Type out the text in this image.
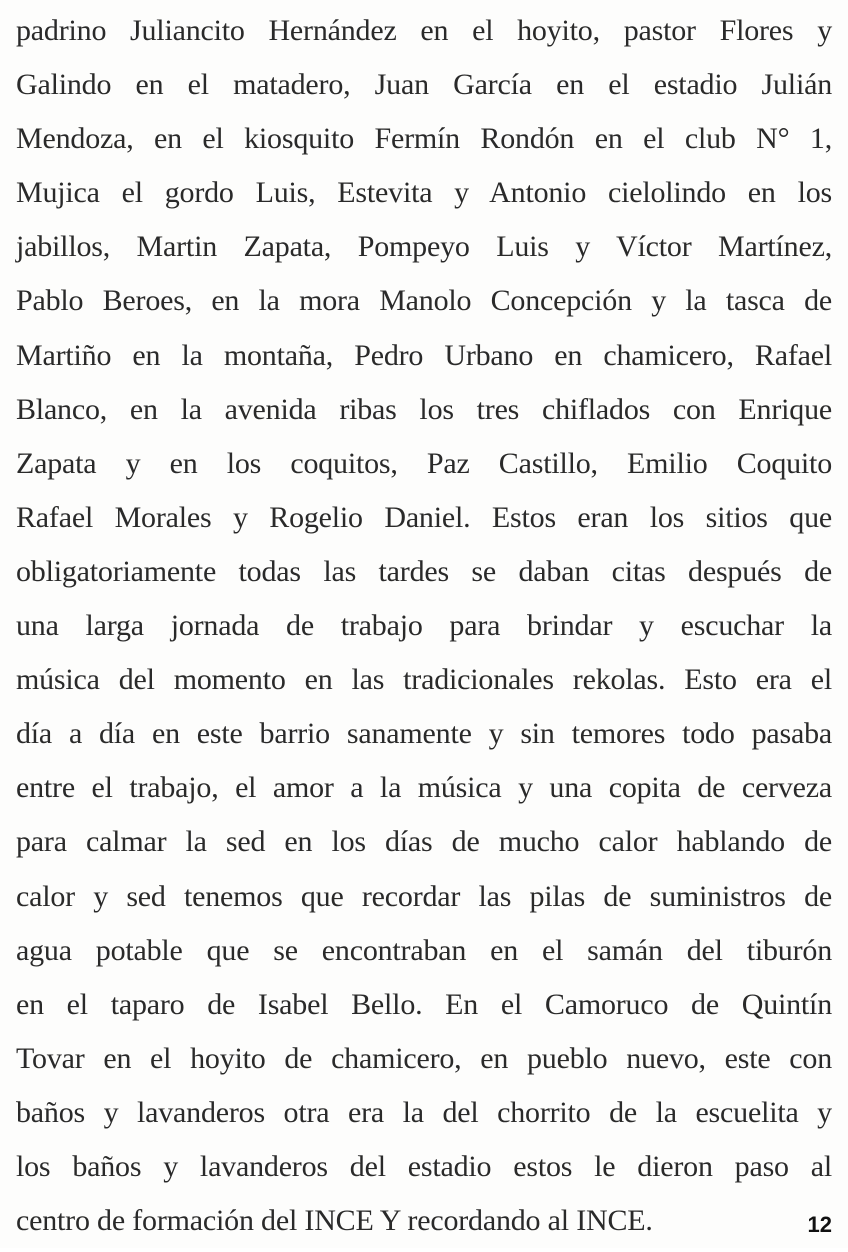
padrino Juliancito Hernández en el hoyito, pastor Flores y
Galindo en el matadero, Juan García en el estadio Julián
Mendoza, en el kiosquito Fermín Rondón en el club N° 1,
Mujica el gordo Luis, Estevita y Antonio cielolindo en los
jabillos, Martin Zapata, Pompeyo Luis y Víctor Martínez,
Pablo Beroes, en la mora Manolo Concepción y la tasca de
Martiño en la montaña, Pedro Urbano en chamicero, Rafael
Blanco, en la avenida ribas los tres chiflados con Enrique
Zapata y en los coquitos, Paz Castillo, Emilio Coquito
Rafael Morales y Rogelio Daniel. Estos eran los sitios que
obligatoriamente todas las tardes se daban citas después de
una larga jornada de trabajo para brindar y escuchar la
música del momento en las tradicionales rekolas. Esto era el
día a día en este barrio sanamente y sin temores todo pasaba
entre el trabajo, el amor a la música y una copita de cerveza
para calmar la sed en los días de mucho calor hablando de
calor y sed tenemos que recordar las pilas de suministros de
agua potable que se encontraban en el samán del tiburón
en el taparo de Isabel Bello. En el Camoruco de Quintín
Tovar en el hoyito de chamicero, en pueblo nuevo, este con
baños y lavanderos otra era la del chorrito de la escuelita y
los baños y lavanderos del estadio estos le dieron paso al
centro de formación del INCE Y recordando al INCE.	12
